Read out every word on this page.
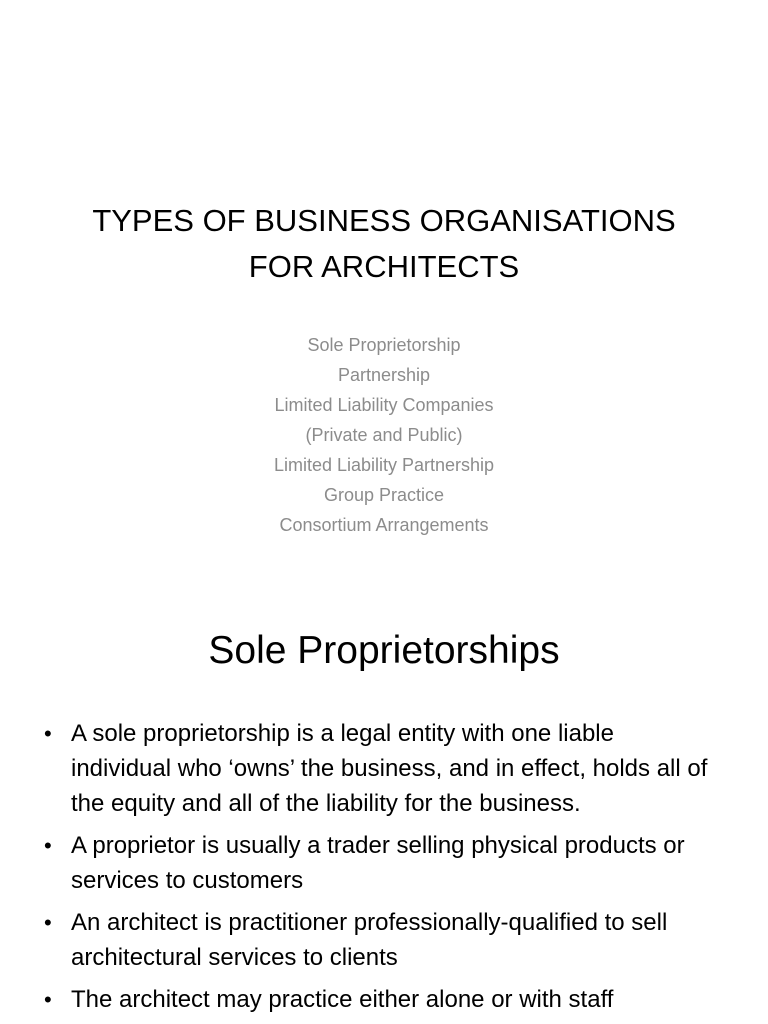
TYPES OF BUSINESS ORGANISATIONS
FOR ARCHITECTS
Sole Proprietorship
Partnership
Limited Liability Companies
(Private and Public)
Limited Liability Partnership
Group Practice
Consortium Arrangements
Sole Proprietorships
• A sole proprietorship is a legal entity with one liable individual who ‘owns’ the business, and in effect, holds all of the equity and all of the liability for the business.
• A proprietor is usually a trader selling physical products or services to customers
• An architect is practitioner professionally-qualified to sell architectural services to clients
• The architect may practice either alone or with staff
